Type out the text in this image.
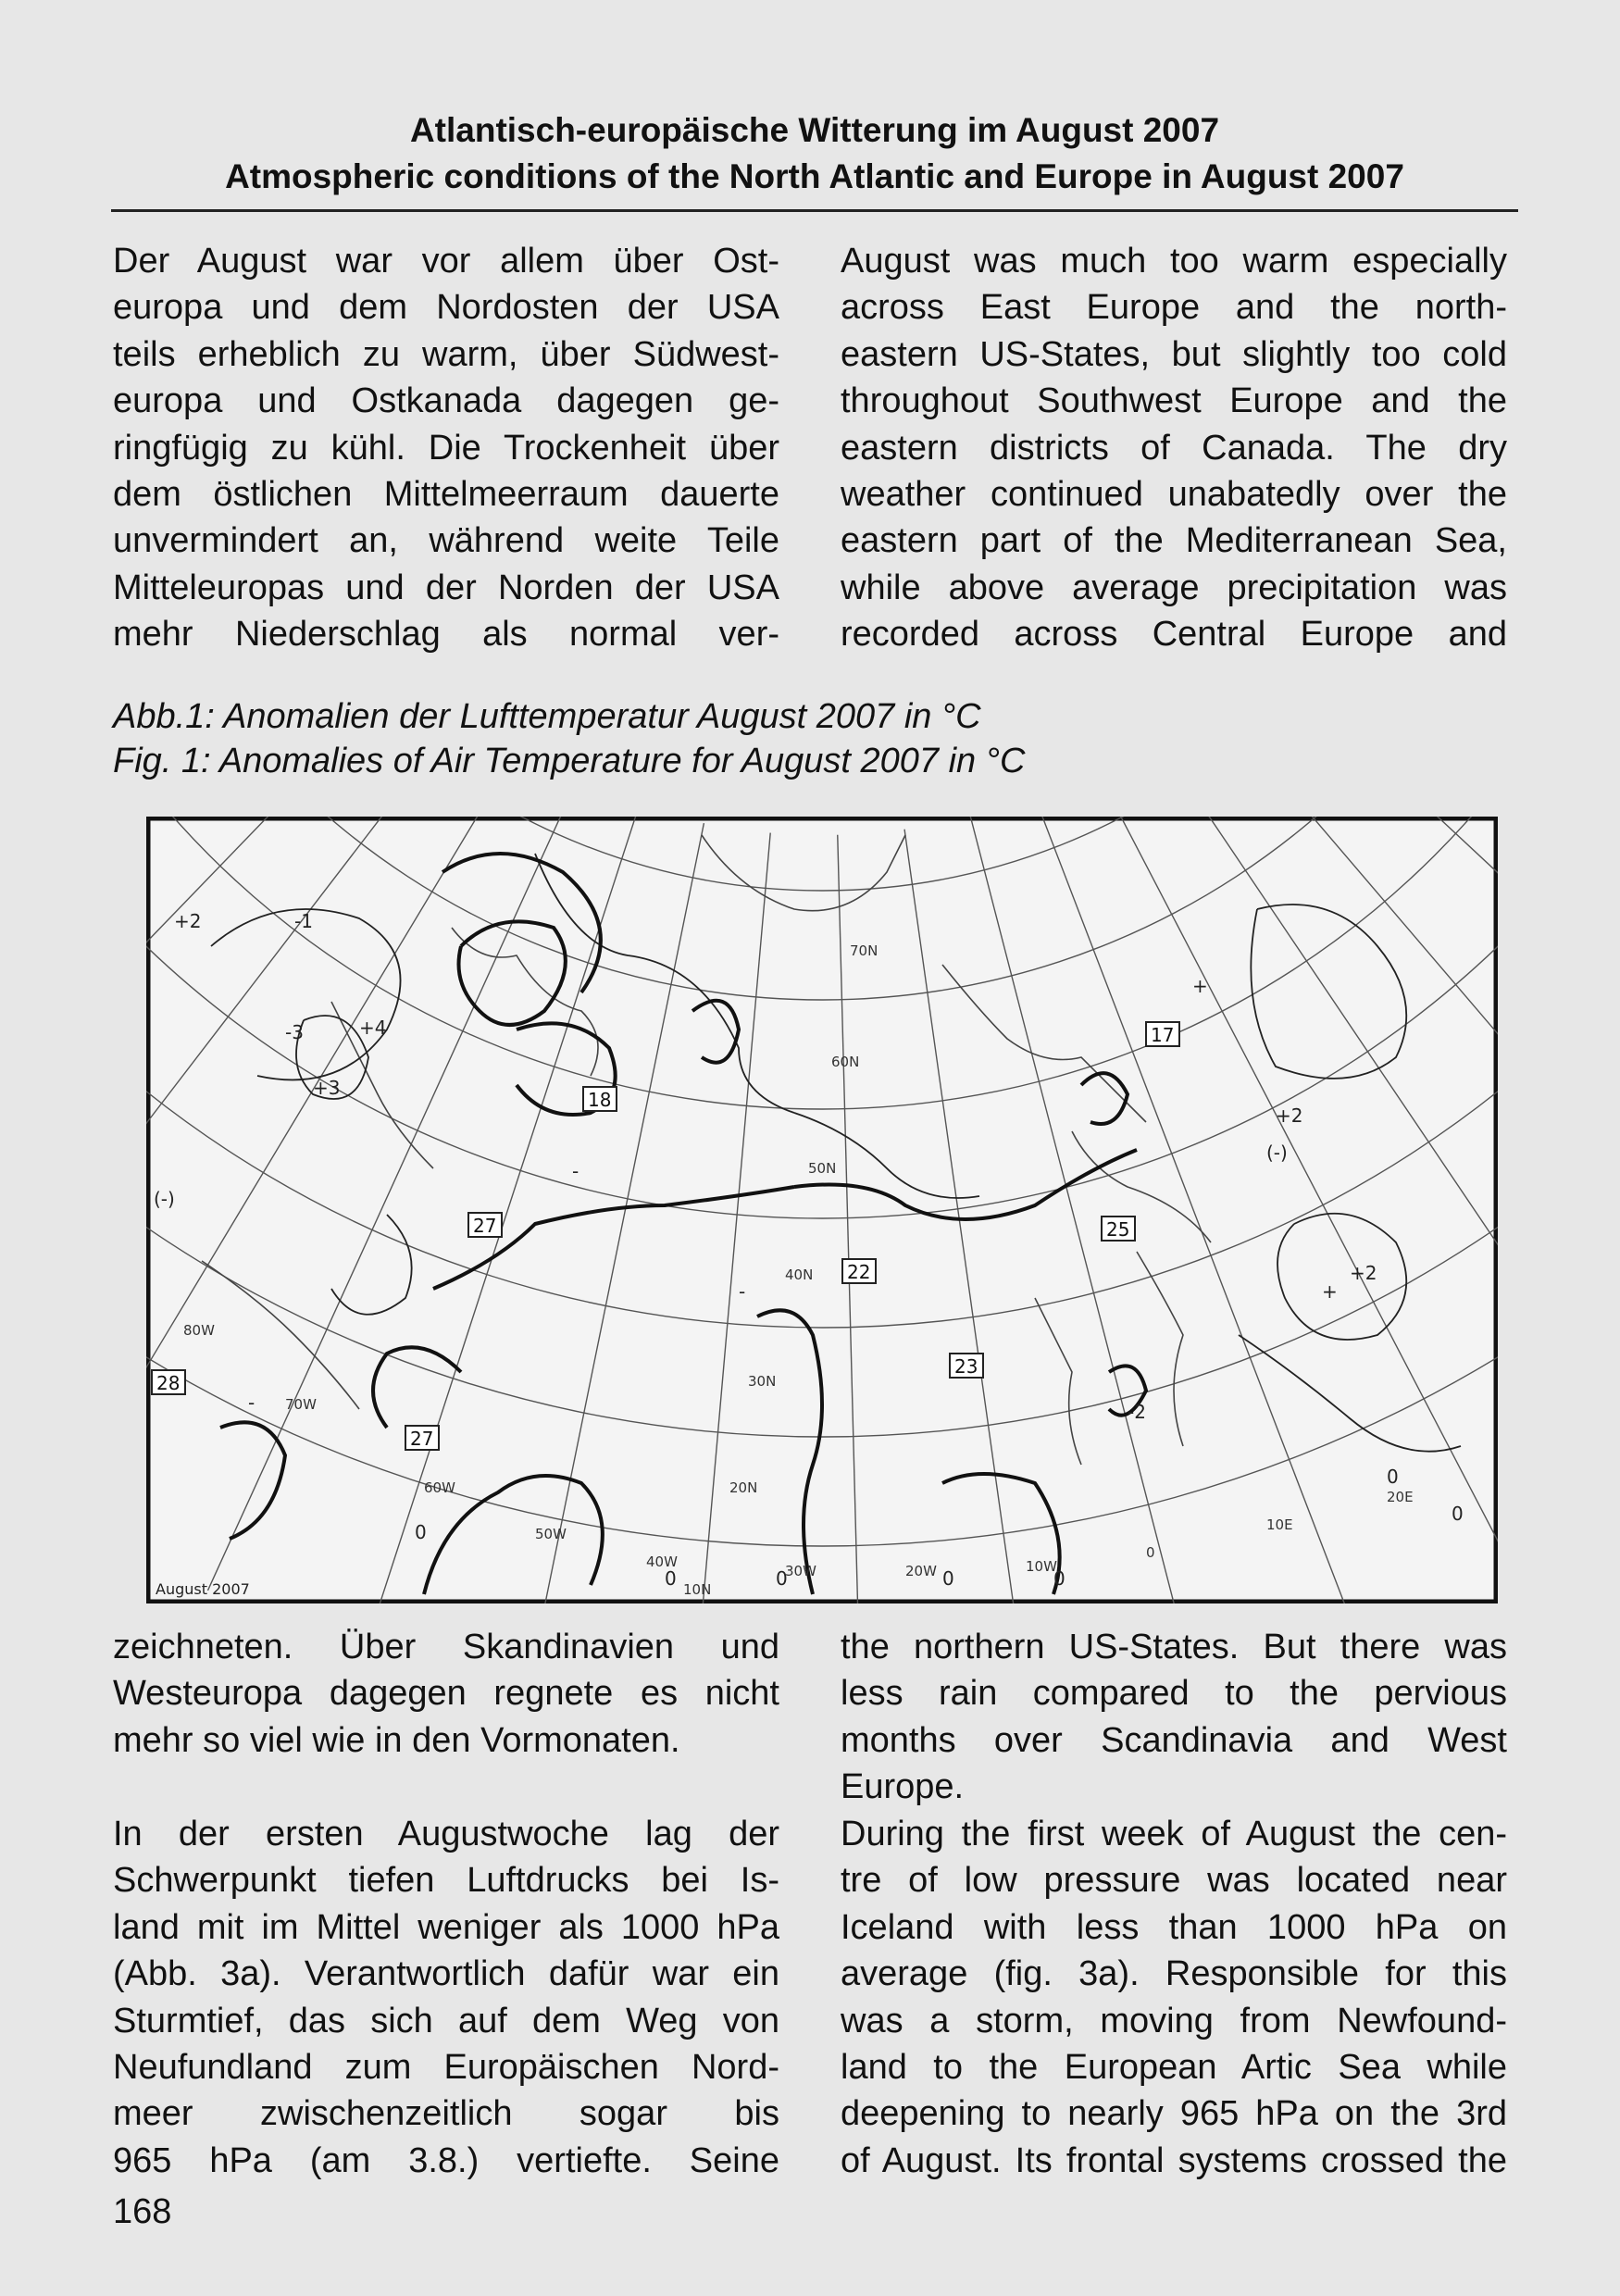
Atlantisch-europäische Witterung im August 2007
Atmospheric conditions of the North Atlantic and Europe in August 2007
Der August war vor allem über Ost-
europa und dem Nordosten der USA
teils erheblich zu warm, über Südwest-
europa und Ostkanada dagegen ge-
ringfügig zu kühl. Die Trockenheit über
dem östlichen Mittelmeerraum dauerte
unvermindert an, während weite Teile
Mitteleuropas und der Norden der USA
mehr Niederschlag als normal ver-
August was much too warm especially
across East Europe and the north-
eastern US-States, but slightly too cold
throughout Southwest Europe and the
eastern districts of Canada. The dry
weather continued unabatedly over the
eastern part of the Mediterranean Sea,
while above average precipitation was
recorded across Central Europe and
Abb.1: Anomalien der Lufttemperatur August 2007 in °C
Fig. 1: Anomalies of Air Temperature for August 2007 in °C
+2
+3
+2
+2
(-)
-2
-1
+
+
-
-
-
(-)
0
0
0
0	0	0	0
+4
-3
70N
60N
50N
40N
30N
20N
10N
80W
70W
60W
50W
40W
30W	20W	10W
0
10E
20E
17
18
27
22
25
28
27
23
August 2007
zeichneten. Über Skandinavien und
Westeuropa dagegen regnete es nicht
mehr so viel wie in den Vormonaten.
In der ersten Augustwoche lag der
Schwerpunkt tiefen Luftdrucks bei Is-
land mit im Mittel weniger als 1000 hPa
(Abb. 3a). Verantwortlich dafür war ein
Sturmtief, das sich auf dem Weg von
Neufundland zum Europäischen Nord-
meer zwischenzeitlich sogar bis
965 hPa (am 3.8.) vertiefte. Seine
the northern US-States. But there was
less rain compared to the pervious
months over Scandinavia and West
Europe.
During the first week of August the cen-
tre of low pressure was located near
Iceland with less than 1000 hPa on
average (fig. 3a). Responsible for this
was a storm, moving from Newfound-
land to the European Artic Sea while
deepening to nearly 965 hPa on the 3rd
of August. Its frontal systems crossed the
168
